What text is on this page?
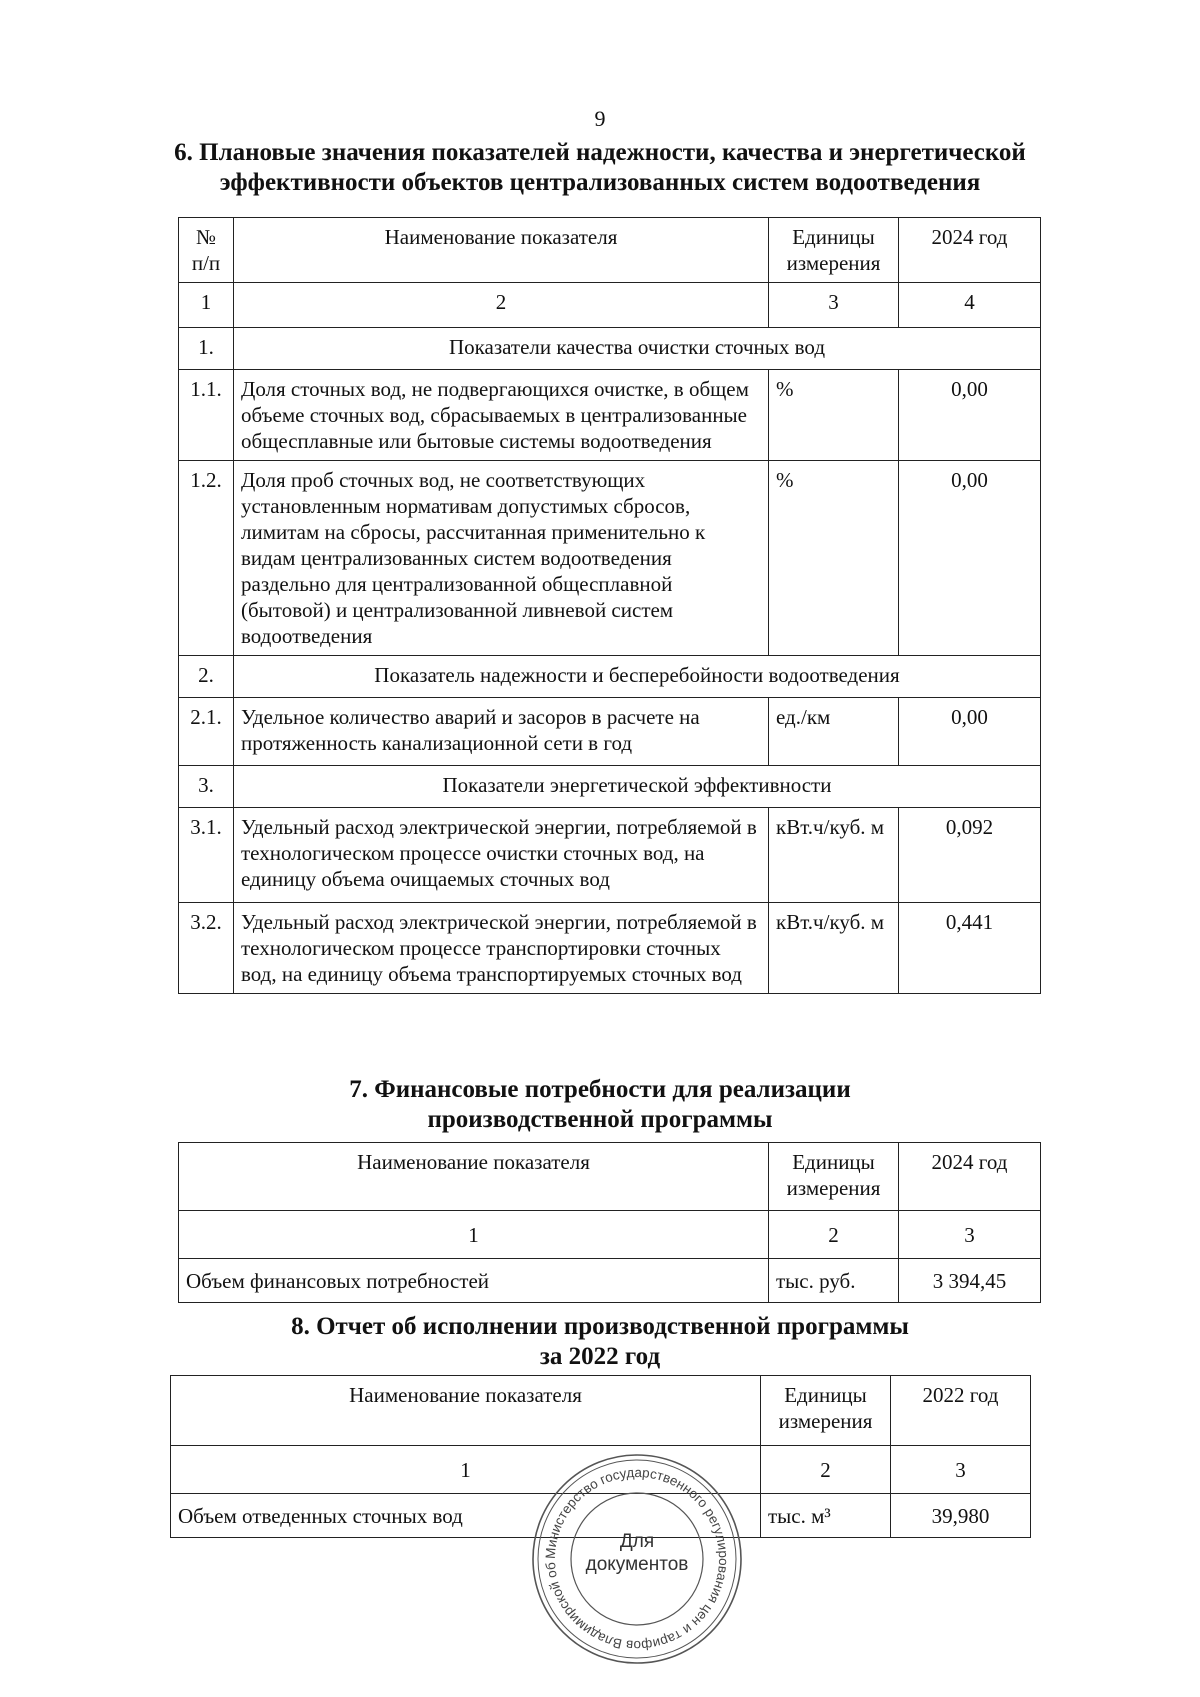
9
6. Плановые значения показателей надежности, качества и энергетической
эффективности объектов централизованных систем водоотведения
№ п/п	Наименование показателя	Единицы измерения	2024 год
1	2	3	4
1.	Показатели качества очистки сточных вод		
1.1.	Доля сточных вод, не подвергающихся очистке, в общем объеме сточных вод, сбрасываемых в централизованные общесплавные или бытовые системы водоотведения	%	0,00
1.2.	Доля проб сточных вод, не соответствующих установленным нормативам допустимых сбросов, лимитам на сбросы, рассчитанная применительно к видам централизованных систем водоотведения раздельно для централизованной общесплавной (бытовой) и централизованной ливневой систем водоотведения	%	0,00
2.	Показатель надежности и бесперебойности водоотведения		
2.1.	Удельное количество аварий и засоров в расчете на протяженность канализационной сети в год	ед./км	0,00
3.	Показатели энергетической эффективности		
3.1.	Удельный расход электрической энергии, потребляемой в технологическом процессе очистки сточных вод, на единицу объема очищаемых сточных вод	кВт.ч/куб. м	0,092
3.2.	Удельный расход электрической энергии, потребляемой в технологическом процессе транспортировки сточных вод, на единицу объема транспортируемых сточных вод	кВт.ч/куб. м	0,441
7. Финансовые потребности для реализации
производственной программы
Наименование показателя	Единицы измерения	2024 год
1	2	3
Объем финансовых потребностей	тыс. руб.	3 394,45
8. Отчет об исполнении производственной программы
за 2022 год
Наименование показателя	Единицы измерения	2022 год
1	2	3
Объем отведенных сточных вод	тыс. м³	39,980
Министерство государственного регулирования цен и тарифов Владимирской об
Для
документов
